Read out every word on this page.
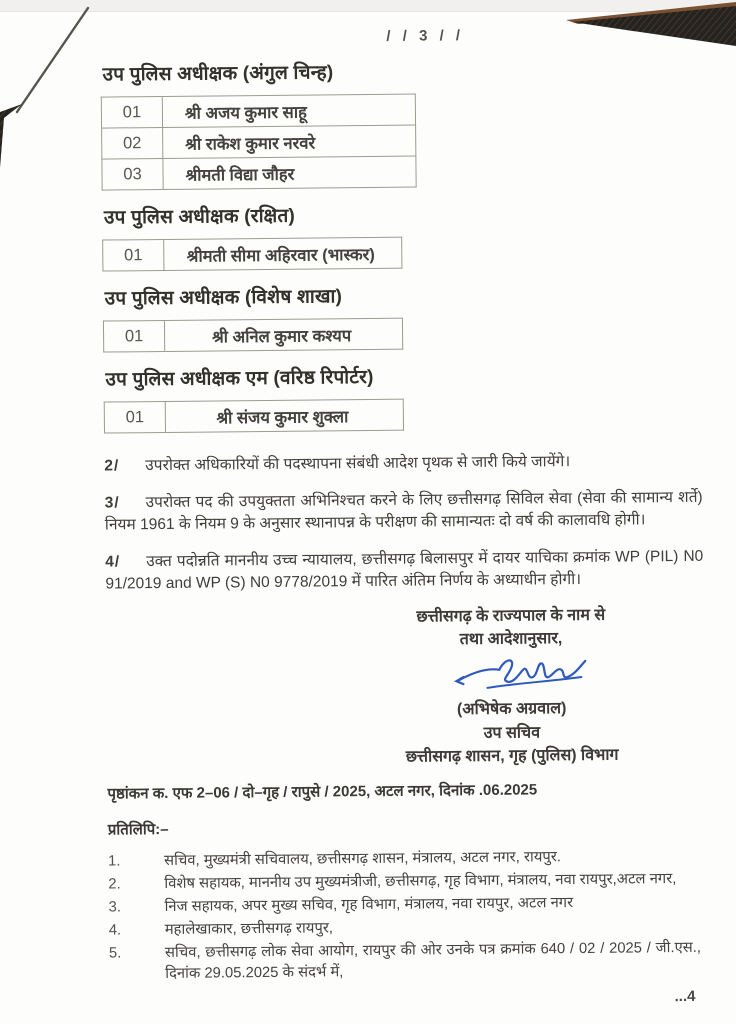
/ / 3 / /
उप पुलिस अधीक्षक (अंगुल चिन्ह)
01	श्री अजय कुमार साहू
02	श्री राकेश कुमार नरवरे
03	श्रीमती विद्या जौहर
उप पुलिस अधीक्षक (रक्षित)
01	श्रीमती सीमा अहिरवार (भास्कर)
उप पुलिस अधीक्षक (विशेष शाखा)
01	श्री अनिल कुमार कश्यप
उप पुलिस अधीक्षक एम (वरिष्ठ रिपोर्टर)
01	श्री संजय कुमार शुक्ला

2/ उपरोक्त अधिकारियों की पदस्थापना संबंधी आदेश पृथक से जारी किये जायेंगे।

3/ उपरोक्त पद की उपयुक्तता अभिनिश्चत करने के लिए छत्तीसगढ़ सिविल सेवा (सेवा की सामान्य शर्ते) नियम 1961 के नियम 9 के अनुसार स्थानापन्न के परीक्षण की सामान्यतः दो वर्ष की कालावधि होगी।

4/ उक्त पदोन्नति माननीय उच्च न्यायालय, छत्तीसगढ़ बिलासपुर में दायर याचिका क्रमांक WP (PIL) N0 91/2019 and WP (S) N0 9778/2019 में पारित अंतिम निर्णय के अध्याधीन होगी।

छत्तीसगढ़ के राज्यपाल के नाम से
तथा आदेशानुसार,
(अभिषेक अग्रवाल)
उप सचिव
छत्तीसगढ़ शासन, गृह (पुलिस) विभाग
पृष्ठांकन क. एफ 2–06 / दो–गृह / रापुसे / 2025, अटल नगर, दिनांक .06.2025
प्रतिलिपि:–
1.	सचिव, मुख्यमंत्री सचिवालय, छत्तीसगढ़ शासन, मंत्रालय, अटल नगर, रायपुर.
2.	विशेष सहायक, माननीय उप मुख्यमंत्रीजी, छत्तीसगढ़, गृह विभाग, मंत्रालय, नवा रायपुर,अटल नगर,
3.	निज सहायक, अपर मुख्य सचिव, गृह विभाग, मंत्रालय, नवा रायपुर, अटल नगर
4.	महालेखाकार, छत्तीसगढ़ रायपुर,
5.	सचिव, छत्तीसगढ़ लोक सेवा आयोग, रायपुर की ओर उनके पत्र क्रमांक 640 / 02 / 2025 / जी.एस., दिनांक 29.05.2025 के संदर्भ में,
...4
